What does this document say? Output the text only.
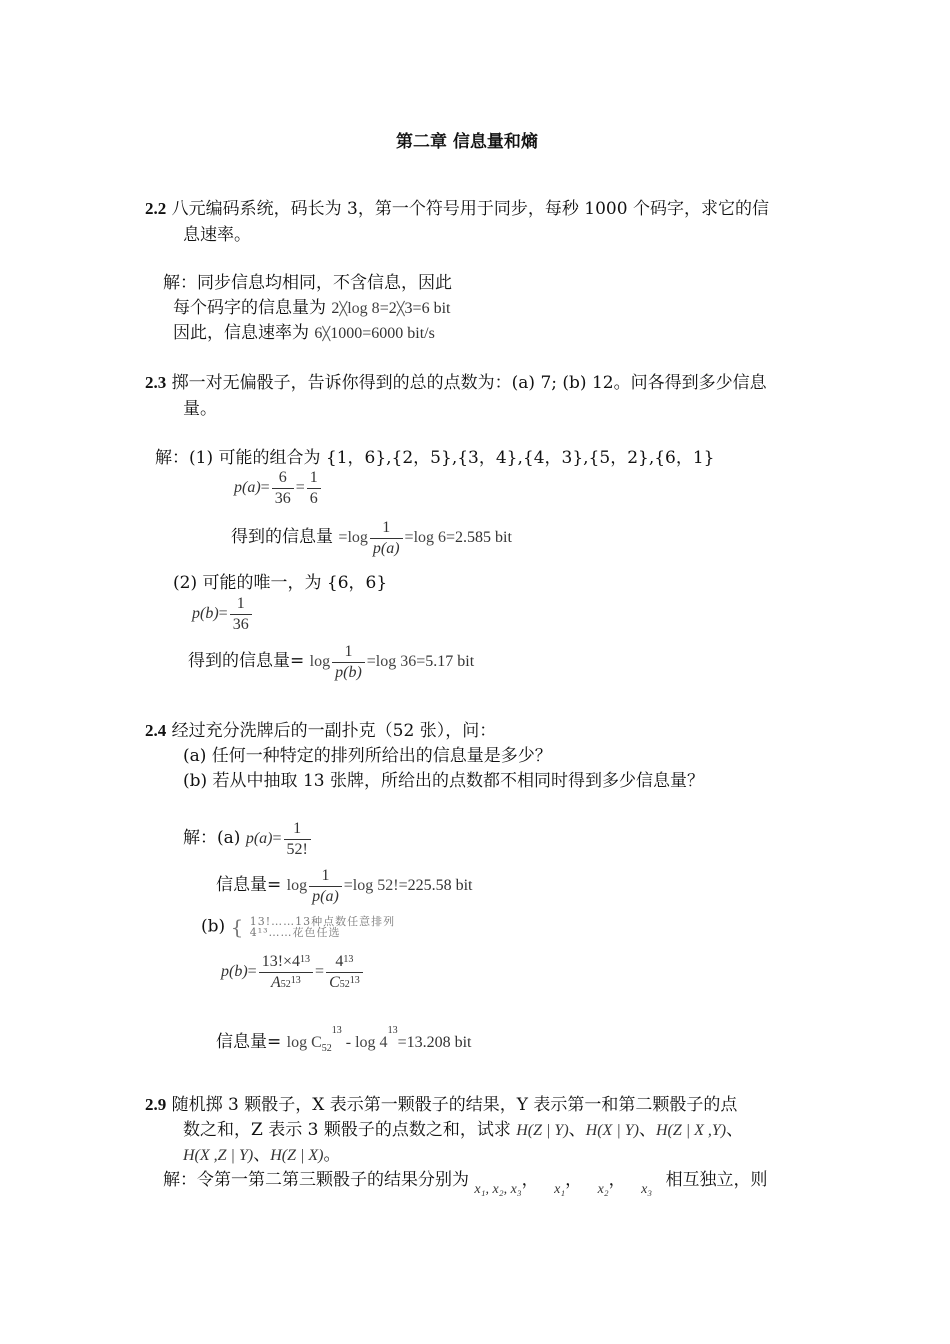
第二章 信息量和熵
2.2 八元编码系统，码长为 3，第一个符号用于同步，每秒 1000 个码字，求它的信
息速率。
解：同步信息均相同，不含信息，因此
每个码字的信息量为 2╳log 8=2╳3=6 bit
因此，信息速率为 6╳1000=6000 bit/s
2.3 掷一对无偏骰子，告诉你得到的总的点数为：(a) 7; (b) 12。问各得到多少信息
量。
解：(1) 可能的组合为 {1，6},{2，5},{3，4},{4，3},{5，2},{6，1}
$p(a)= \frac{6}{36} = \frac{1}{6}$
得到的信息量 $=\log \frac{1}{p(a)} =\log$ 6=2.585 bit
(2) 可能的唯一，为 {6，6}
$p(b)= \frac{1}{36}$
得到的信息量= $\log \frac{1}{p(b)} =\log$ 36=5.17 bit
2.4 经过充分洗牌后的一副扑克（52 张），问：
(a) 任何一种特定的排列所给出的信息量是多少？
(b) 若从中抽取 13 张牌，所给出的点数都不相同时得到多少信息量？
解：(a) $p(a)= \frac{1}{52!}$
信息量= $\log \frac{1}{p(a)} =\log$ 52!=225.58 bit
(b) { 13!……13种点数任意排列
4¹³……花色任选
$p(b)= \frac{13!\times 4^{13}}{A52^{13}} = \frac{4^{13}}{C52^{13}}$
信息量= $\log C52^{13} - \log 4^{13}=13.208$ bit
2.9 随机掷 3 颗骰子，X 表示第一颗骰子的结果，Y 表示第一和第二颗骰子的点
数之和，Z 表示 3 颗骰子的点数之和，试求 H(Z | Y)、H(X | Y)、H(Z | X ,Y)、
H(X ,Z | Y)、H(Z | X)。
解：令第一第二第三颗骰子的结果分别为 $_{x_1, x_2, x_3}$， $_{x_1}$， $_{x_2}$， $_{x_3}$ 相互独立，则
